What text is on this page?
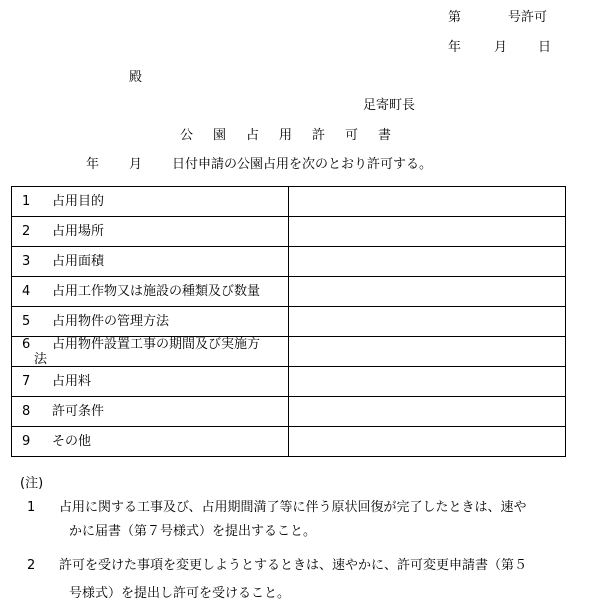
第	号許可
年	月 日
殿
足寄町長
公園占用許可書
年 月 日付申請の公園占用を次のとおり許可する。
1 占用目的	

2 占用場所	

3 占用面積	

4 占用工作物又は施設の種類及び数量	

5 占用物件の管理方法	

6 占用物件設置工事の期間及び実施方
法	

7 占用料	

8 許可条件	

9 その他	

(注)
1 占用に関する工事及び、占用期間満了等に伴う原状回復が完了したときは、速や
かに届書（第７号様式）を提出すること。
2 許可を受けた事項を変更しようとするときは、速やかに、許可変更申請書（第５
号様式）を提出し許可を受けること。
